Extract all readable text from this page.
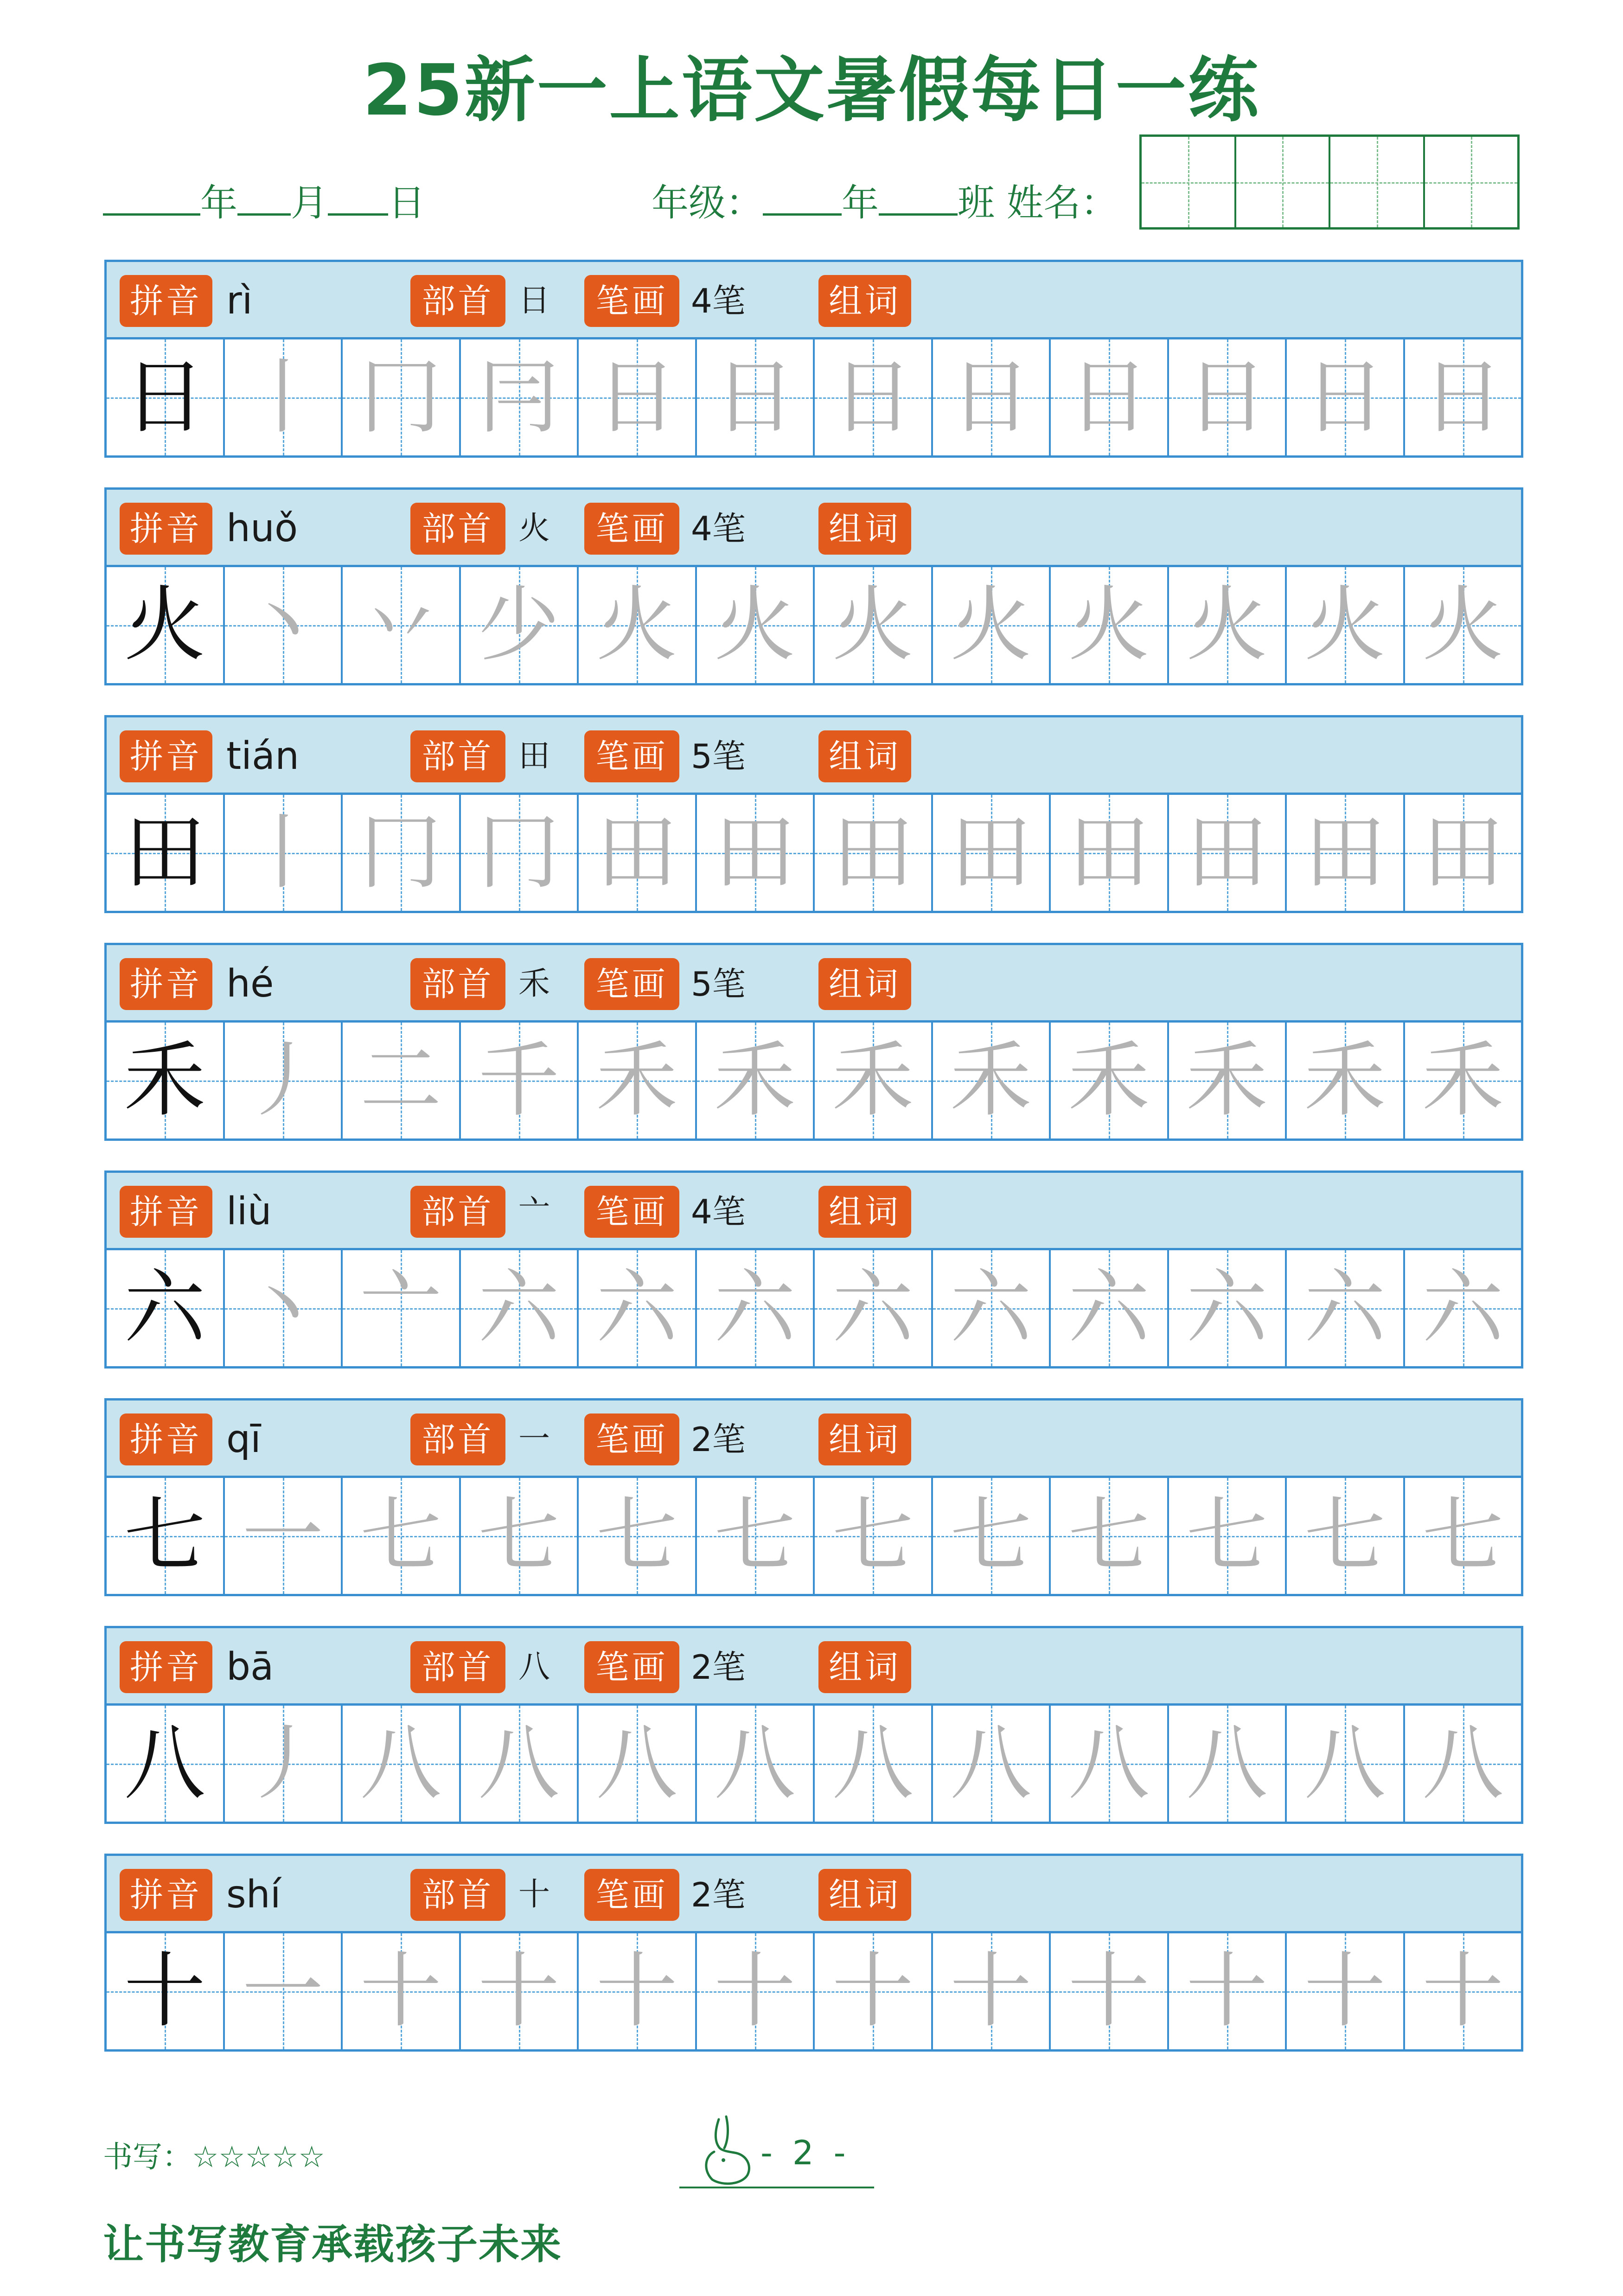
25新一上语文暑假每日一练
年 月 日	年级： 年 班 姓名：
拼音 rì	部首 日	笔画 4笔	组词
日 丨 冂 冃 日 日 日 日 日 日 日 日
拼音 huǒ	部首 火	笔画 4笔	组词
火 丶 丷 少 火 火 火 火 火 火 火 火
拼音 tián	部首 田	笔画 5笔	组词
田 丨 冂 冂 田 田 田 田 田 田 田 田
拼音 hé	部首 禾	笔画 5笔	组词
禾 丿 二 千 禾 禾 禾 禾 禾 禾 禾 禾
拼音 liù	部首 亠	笔画 4笔	组词
六 丶 亠 六 六 六 六 六 六 六 六 六
拼音 qī	部首 一	笔画 2笔	组词
七 一 七 七 七 七 七 七 七 七 七 七
拼音 bā	部首 八	笔画 2笔	组词
八 丿 八 八 八 八 八 八 八 八 八 八
拼音 shí	部首 十	笔画 2笔	组词
十 一 十 十 十 十 十 十 十 十 十 十
书写：☆☆☆☆☆	- 2 -
让书写教育承载孩子未来
